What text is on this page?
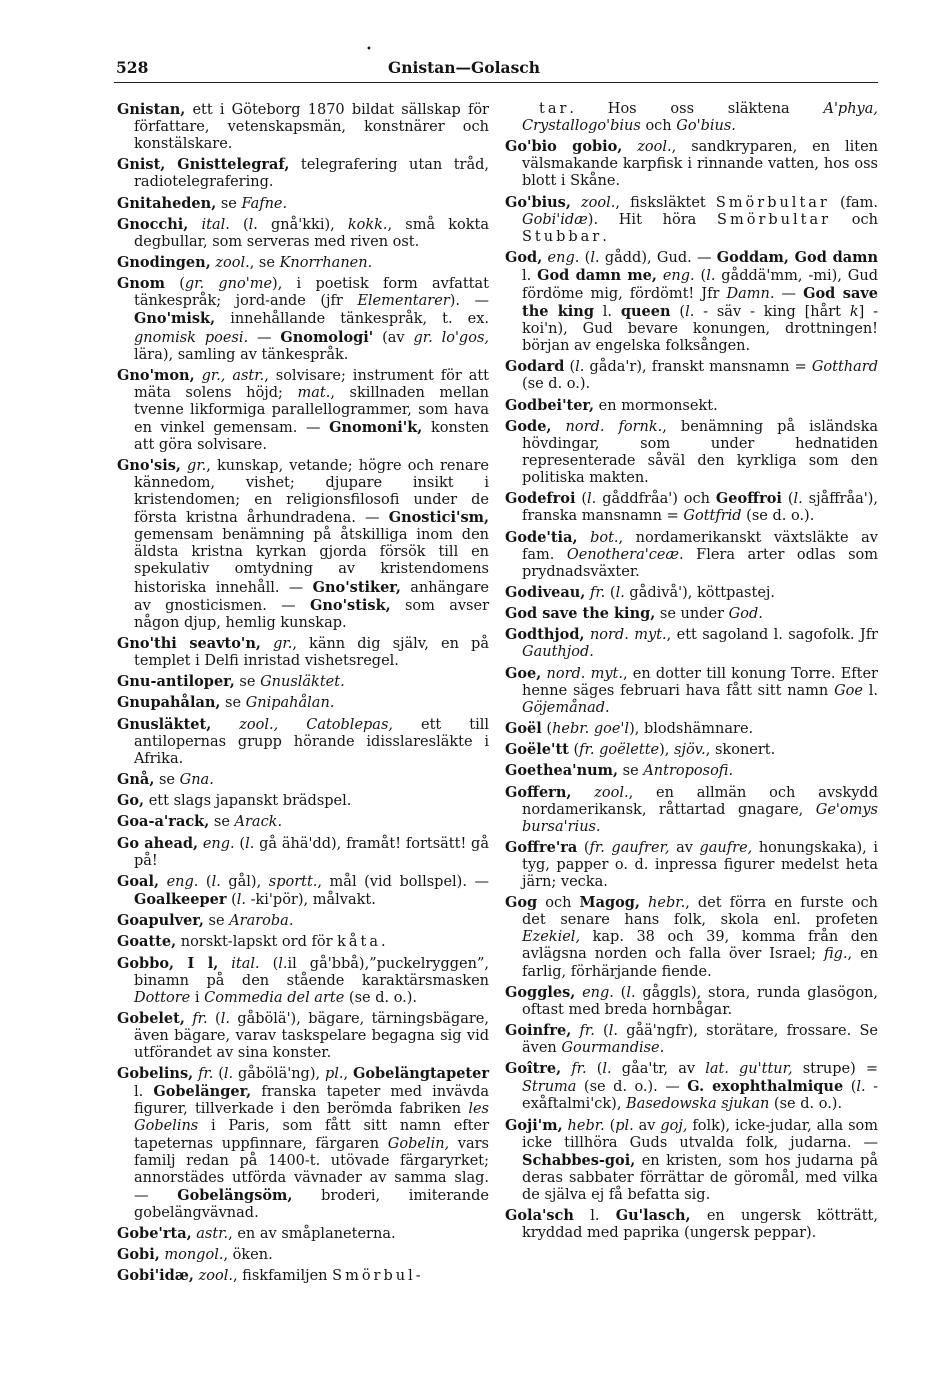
528
•
Gnistan—Golasch

Gnistan, ett i Göteborg 1870 bildat sällskap för författare, vetenskapsmän, konstnärer och konstälskare.

Gnist, Gnisttelegraf, telegrafering utan tråd, radiotelegrafering.

Gnitaheden, se Fafne.

Gnocchi, ital. (l. gnå'kki), kokk., små kokta degbullar, som serveras med riven ost.

Gnodingen, zool., se Knorrhanen.

Gnom (gr. gno'me), i poetisk form avfattat tänkespråk; jord-ande (jfr Elementarer). — Gno'misk, innehållande tänkespråk, t. ex. gnomisk poesi. — Gnomologi' (av gr. lo'gos, lära), samling av tänkespråk.

Gno'mon, gr., astr., solvisare; instrument för att mäta solens höjd; mat., skillnaden mellan tvenne likformiga parallellogrammer, som hava en vinkel gemensam. — Gnomoni'k, konsten att göra solvisare.

Gno'sis, gr., kunskap, vetande; högre och renare kännedom, vishet; djupare insikt i kristendomen; en religionsfilosofi under de första kristna århundradena. — Gnostici'sm, gemensam benämning på åtskilliga inom den äldsta kristna kyrkan gjorda försök till en spekulativ omtydning av kristendomens historiska innehåll. — Gno'stiker, anhängare av gnosticismen. — Gno'stisk, som avser någon djup, hemlig kunskap.

Gno'thi seavto'n, gr., känn dig själv, en på templet i Delfi inristad vishetsregel.

Gnu-antiloper, se Gnusläktet.

Gnupahålan, se Gnipahålan.

Gnusläktet, zool., Catoblepas, ett till antilopernas grupp hörande idisslaresläkte i Afrika.

Gnå, se Gna.

Go, ett slags japanskt brädspel.

Goa-a'rack, se Arack.

Go ahead, eng. (l. gå ähä'dd), framåt! fortsätt! gå på!

Goal, eng. (l. gål), sportt., mål (vid bollspel). — Goalkeeper (l. -ki'pör), målvakt.

Goapulver, se Araroba.

Goatte, norskt-lapskt ord för kåta.

Gobbo, I l, ital. (l.il gå'bbå),”puckelryggen”, binamn på den stående karaktärsmasken Dottore i Commedia del arte (se d. o.).

Gobelet, fr. (l. gåbölä'), bägare, tärningsbägare, även bägare, varav taskspelare begagna sig vid utförandet av sina konster.

Gobelins, fr. (l. gåbölä'ng), pl., Gobelängtapeter l. Gobelänger, franska tapeter med invävda figurer, tillverkade i den berömda fabriken les Gobelins i Paris, som fått sitt namn efter tapeternas uppfinnare, färgaren Gobelin, vars familj redan på 1400-t. utövade färgaryrket; annorstädes utförda vävnader av samma slag. — Gobelängsöm, broderi, imiterande gobelängvävnad.

Gobe'rta, astr., en av småplaneterna.

Gobi, mongol., öken.

Gobi'idæ, zool., fiskfamiljen Smörbul-

tar. Hos oss släktena A'phya, Crystallogo'bius och Go'bius.

Go'bio gobio, zool., sandkryparen, en liten välsmakande karpfisk i rinnande vatten, hos oss blott i Skåne.

Go'bius, zool., fisksläktet Smörbultar (fam. Gobi'idæ). Hit höra Smörbultar och Stubbar.

God, eng. (l. gådd), Gud. — Goddam, God damn l. God damn me, eng. (l. gåddä'mm, -mi), Gud fördöme mig, fördömt! Jfr Damn. — God save the king l. queen (l. - säv - king [hårt k] - koi'n), Gud bevare konungen, drottningen! början av engelska folksången.

Godard (l. gåda'r), franskt mansnamn = Gotthard (se d. o.).

Godbei'ter, en mormonsekt.

Gode, nord. fornk., benämning på isländska hövdingar, som under hednatiden representerade såväl den kyrkliga som den politiska makten.

Godefroi (l. gåddfråa') och Geoffroi (l. sjåffråa'), franska mansnamn = Gottfrid (se d. o.).

Gode'tia, bot., nordamerikanskt växtsläkte av fam. Oenothera'ceæ. Flera arter odlas som prydnadsväxter.

Godiveau, fr. (l. gådivå'), köttpastej.

God save the king, se under God.

Godthjod, nord. myt., ett sagoland l. sagofolk. Jfr Gauthjod.

Goe, nord. myt., en dotter till konung Torre. Efter henne säges februari hava fått sitt namn Goe l. Göjemånad.

Goël (hebr. goe'l), blodshämnare.

Goële'tt (fr. goëlette), sjöv., skonert.

Goethea'num, se Antroposofi.

Goffern, zool., en allmän och avskydd nordamerikansk, råttartad gnagare, Ge'omys bursa'rius.

Goffre'ra (fr. gaufrer, av gaufre, honungskaka), i tyg, papper o. d. inpressa figurer medelst heta järn; vecka.

Gog och Magog, hebr., det förra en furste och det senare hans folk, skola enl. profeten Ezekiel, kap. 38 och 39, komma från den avlägsna norden och falla över Israel; fig., en farlig, förhärjande fiende.

Goggles, eng. (l. gåggls), stora, runda glasögon, oftast med breda hornbågar.

Goinfre, fr. (l. gåä'ngfr), storätare, frossare. Se även Gourmandise.

Goître, fr. (l. gåa'tr, av lat. gu'ttur, strupe) = Struma (se d. o.). — G. exophthalmique (l. - exåftalmi'ck), Basedowska sjukan (se d. o.).

Goji'm, hebr. (pl. av goj, folk), icke-judar, alla som icke tillhöra Guds utvalda folk, judarna. — Schabbes-goi, en kristen, som hos judarna på deras sabbater förrättar de göromål, med vilka de själva ej få befatta sig.

Gola'sch l. Gu'lasch, en ungersk kötträtt, kryddad med paprika (ungersk peppar).
